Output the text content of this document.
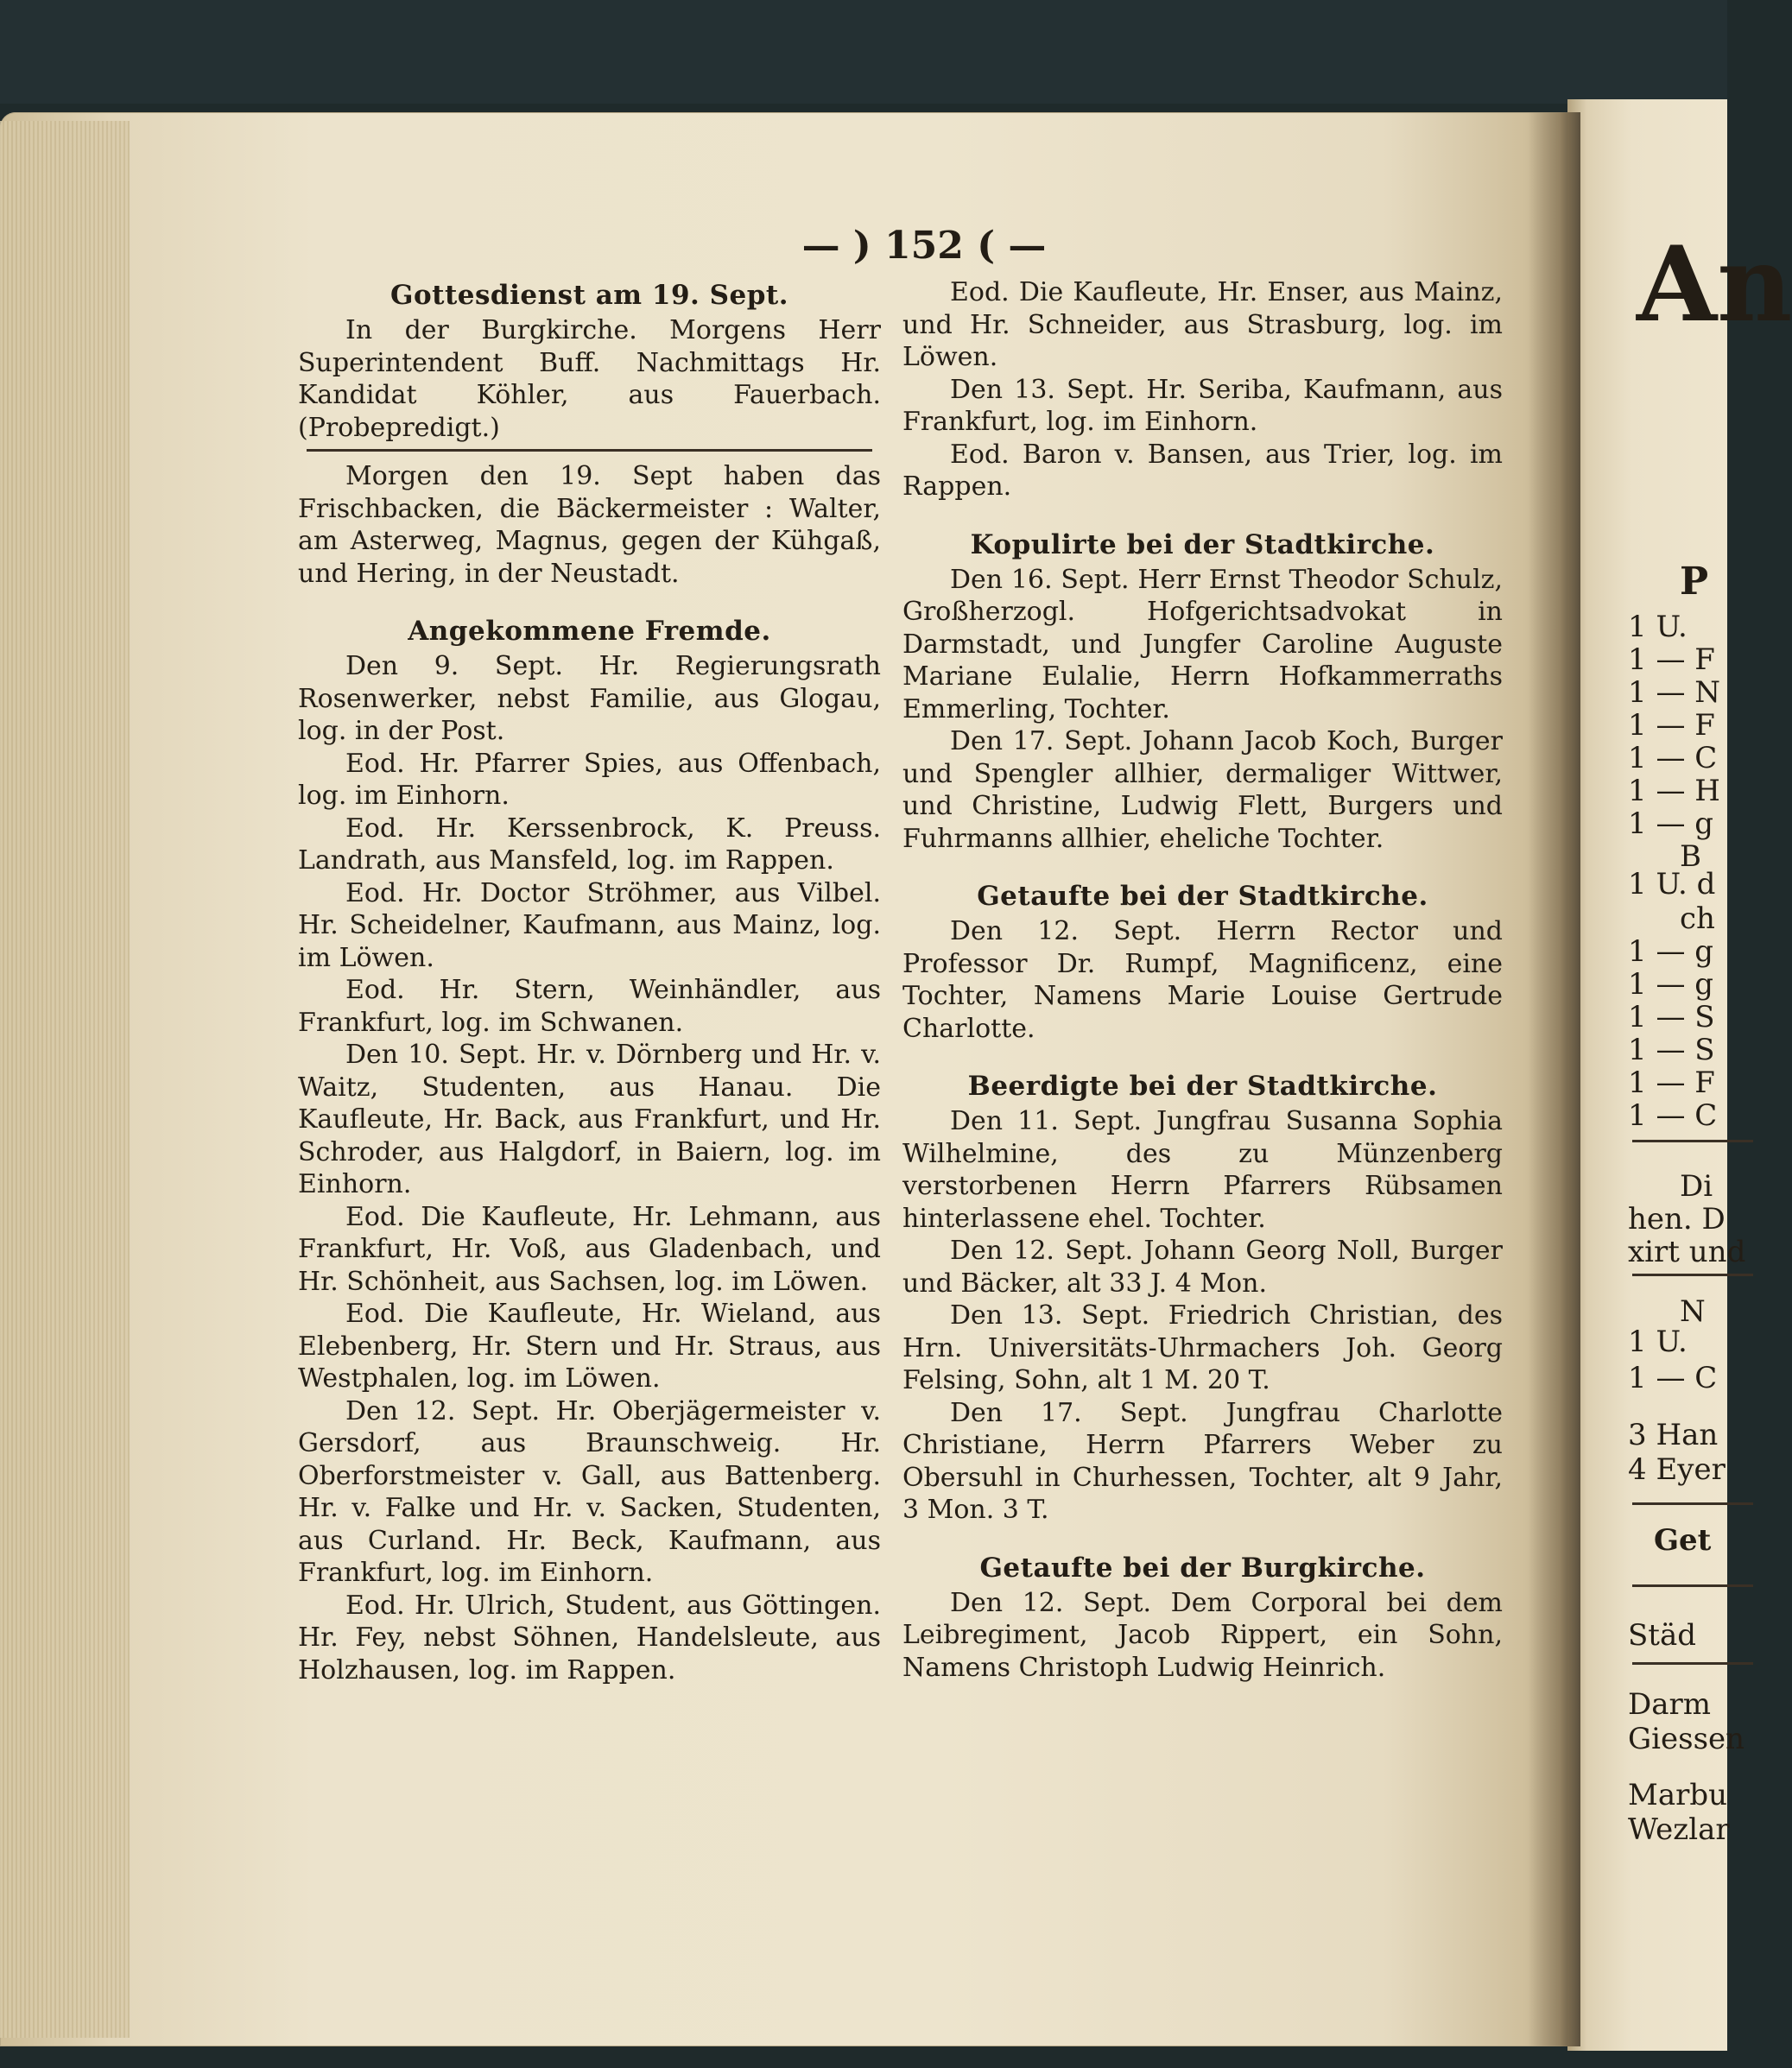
An
P
1 U.
1 — F
1 — N
1 — F
1 — C
1 — H
1 — g
B
1 U. d
ch
1 — g
1 — g
1 — S
1 — S
1 — F
1 — C
Di
hen. D
xirt und
N
1 U.
1 — C
3 Han
4 Eyer
Get
Städ
Darm
Giessen
Marbu
Wezlar
— ) 152 ( —
Gottesdienst am 19. Sept.

In der Burgkirche. Morgens Herr Superintendent Buff. Nachmittags Hr. Kandidat Köhler, aus Fauerbach. (Probepredigt.)

Morgen den 19. Sept haben das Frischbacken, die Bäckermeister : Walter, am Asterweg, Magnus, gegen der Kühgaß, und Hering, in der Neustadt.

Angekommene Fremde.

Den 9. Sept. Hr. Regierungsrath Rosenwerker, nebst Familie, aus Glogau, log. in der Post.

Eod. Hr. Pfarrer Spies, aus Offenbach, log. im Einhorn.

Eod. Hr. Kerssenbrock, K. Preuss. Landrath, aus Mansfeld, log. im Rappen.

Eod. Hr. Doctor Ströhmer, aus Vilbel. Hr. Scheidelner, Kaufmann, aus Mainz, log. im Löwen.

Eod. Hr. Stern, Weinhändler, aus Frankfurt, log. im Schwanen.

Den 10. Sept. Hr. v. Dörnberg und Hr. v. Waitz, Studenten, aus Hanau. Die Kaufleute, Hr. Back, aus Frankfurt, und Hr. Schroder, aus Halgdorf, in Baiern, log. im Einhorn.

Eod. Die Kaufleute, Hr. Lehmann, aus Frankfurt, Hr. Voß, aus Gladenbach, und Hr. Schönheit, aus Sachsen, log. im Löwen.

Eod. Die Kaufleute, Hr. Wieland, aus Elebenberg, Hr. Stern und Hr. Straus, aus Westphalen, log. im Löwen.

Den 12. Sept. Hr. Oberjägermeister v. Gersdorf, aus Braunschweig. Hr. Oberforstmeister v. Gall, aus Battenberg. Hr. v. Falke und Hr. v. Sacken, Studenten, aus Curland. Hr. Beck, Kaufmann, aus Frankfurt, log. im Einhorn.

Eod. Hr. Ulrich, Student, aus Göttingen. Hr. Fey, nebst Söhnen, Handelsleute, aus Holzhausen, log. im Rappen.

Eod. Die Kaufleute, Hr. Enser, aus Mainz, und Hr. Schneider, aus Strasburg, log. im Löwen.

Den 13. Sept. Hr. Seriba, Kaufmann, aus Frankfurt, log. im Einhorn.

Eod. Baron v. Bansen, aus Trier, log. im Rappen.

Kopulirte bei der Stadtkirche.

Den 16. Sept. Herr Ernst Theodor Schulz, Großherzogl. Hofgerichtsadvokat in Darmstadt, und Jungfer Caroline Auguste Mariane Eulalie, Herrn Hofkammerraths Emmerling, Tochter.

Den 17. Sept. Johann Jacob Koch, Burger und Spengler allhier, dermaliger Wittwer, und Christine, Ludwig Flett, Burgers und Fuhrmanns allhier, eheliche Tochter.

Getaufte bei der Stadtkirche.

Den 12. Sept. Herrn Rector und Professor Dr. Rumpf, Magnificenz, eine Tochter, Namens Marie Louise Gertrude Charlotte.

Beerdigte bei der Stadtkirche.

Den 11. Sept. Jungfrau Susanna Sophia Wilhelmine, des zu Münzenberg verstorbenen Herrn Pfarrers Rübsamen hinterlassene ehel. Tochter.

Den 12. Sept. Johann Georg Noll, Burger und Bäcker, alt 33 J. 4 Mon.

Den 13. Sept. Friedrich Christian, des Hrn. Universitäts-Uhrmachers Joh. Georg Felsing, Sohn, alt 1 M. 20 T.

Den 17. Sept. Jungfrau Charlotte Christiane, Herrn Pfarrers Weber zu Obersuhl in Churhessen, Tochter, alt 9 Jahr, 3 Mon. 3 T.

Getaufte bei der Burgkirche.

Den 12. Sept. Dem Corporal bei dem Leibregiment, Jacob Rippert, ein Sohn, Namens Christoph Ludwig Heinrich.
